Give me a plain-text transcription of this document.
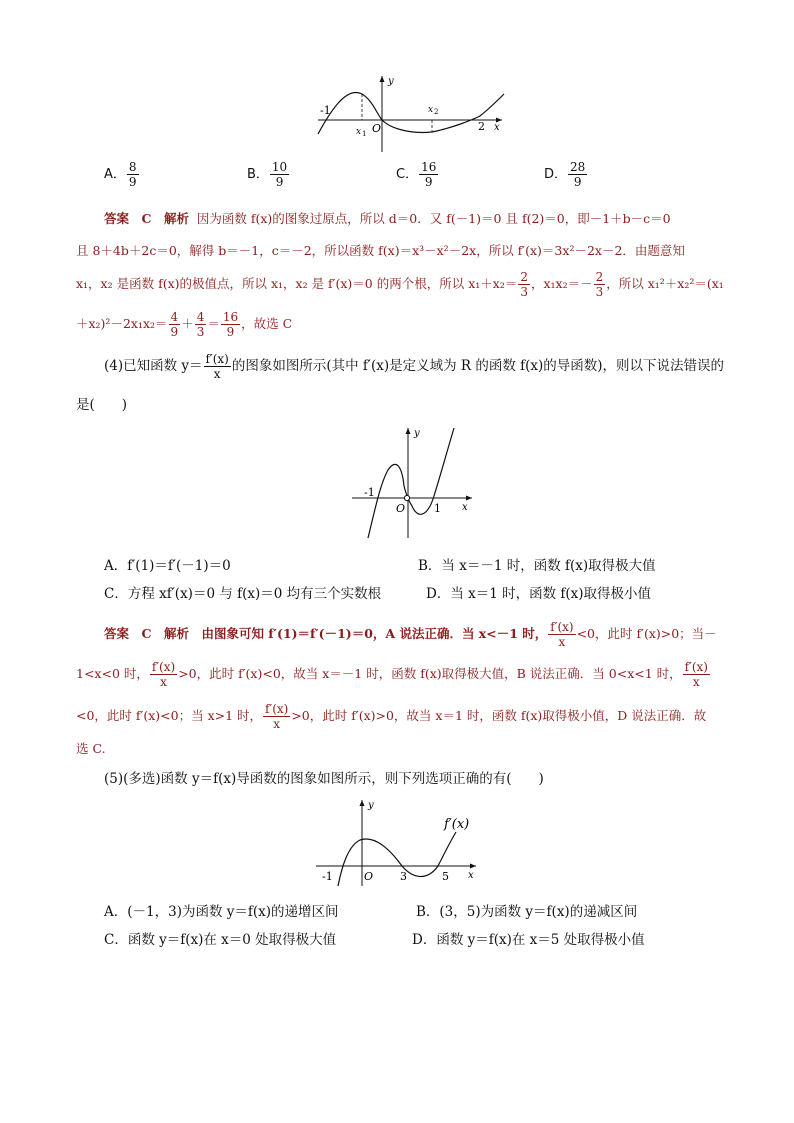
-1
x 1 O
x 2
2 x
y
A． $\frac{8}{9}$	B． $\frac{10}{9}$	C． $\frac{16}{9}$	D． $\frac{28}{9}$
答案　C　解析 因为函数 f(x)的图象过原点，所以 d＝0．又 f(－1)＝0 且 f(2)＝0，即－1＋b－c＝0
且 8＋4b＋2c＝0，解得 b＝－1，c＝－2，所以函数 f(x)＝x³－x²－2x，所以 f′(x)＝3x²－2x－2．由题意知
x₁，x₂ 是函数 f(x)的极值点，所以 x₁，x₂ 是 f′(x)＝0 的两个根，所以 $x_1+x_2= \frac{2}{3}$ ，$x_1x_2=- \frac{2}{3}$ ，所以 x₁²＋x₂²＝(x₁
$+x_2)^2-2x_1x_2= \frac{4}{9} + \frac{4}{3} = \frac{16}{9}$ ，故选 C
(4)已知函数 $y= \frac{f'(x)}{x}$ 的图象如图所示(其中 f′(x)是定义域为 R 的函数 f(x)的导函数)，则以下说法错误的
是(　　)
y
-1
O	1 x
A．f′(1)＝f′(－1)＝0	B．当 x＝－1 时，函数 f(x)取得极大值
C．方程 xf′(x)＝0 与 f(x)＝0 均有三个实数根	D．当 x＝1 时，函数 f(x)取得极小值
答案　C　解析　由图象可知 f′(1)＝f′(－1)＝0，A 说法正确．当 x<－1 时， $\frac{f'(x)}{x} <0$，此时 f′(x)>0；当－
1<x<0 时， $\frac{f'(x)}{x} >0$，此时 f′(x)<0，故当 x＝－1 时，函数 f(x)取得极大值，B 说法正确．当 0<x<1 时， $\frac{f'(x)}{x}$
<0，此时 f′(x)<0；当 x>1 时， $\frac{f'(x)}{x} >0$，此时 f′(x)>0，故当 x＝1 时，函数 f(x)取得极小值，D 说法正确．故
选 C.
(5)(多选)函数 y＝f(x)导函数的图象如图所示，则下列选项正确的有(　　)
y
f′(x)
-1	O 3	5 x
A．(－1，3)为函数 y＝f(x)的递增区间	B．(3，5)为函数 y＝f(x)的递减区间
C．函数 y＝f(x)在 x＝0 处取得极大值	D．函数 y＝f(x)在 x＝5 处取得极小值
